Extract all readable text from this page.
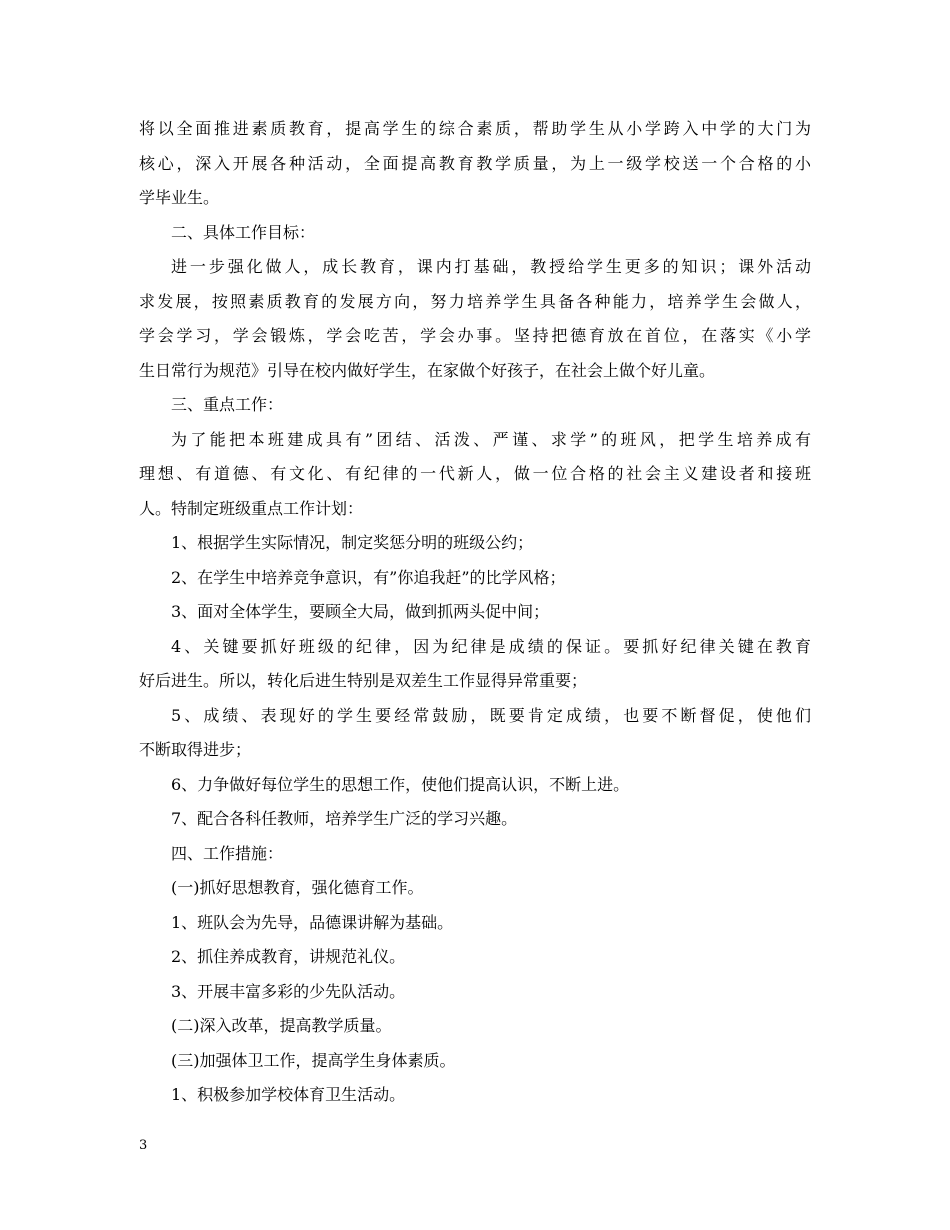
将以全面推进素质教育，提高学生的综合素质，帮助学生从小学跨入中学的大门为
核心，深入开展各种活动，全面提高教育教学质量，为上一级学校送一个合格的小
学毕业生。
二、具体工作目标：
进一步强化做人，成长教育，课内打基础，教授给学生更多的知识；课外活动
求发展，按照素质教育的发展方向，努力培养学生具备各种能力，培养学生会做人，
学会学习，学会锻炼，学会吃苦，学会办事。坚持把德育放在首位，在落实《小学
生日常行为规范》引导在校内做好学生，在家做个好孩子，在社会上做个好儿童。
三、重点工作：
为了能把本班建成具有”团结、活泼、严谨、求学”的班风，把学生培养成有
理想、有道德、有文化、有纪律的一代新人，做一位合格的社会主义建设者和接班
人。特制定班级重点工作计划：
1、根据学生实际情况，制定奖惩分明的班级公约；
2、在学生中培养竞争意识，有”你追我赶”的比学风格；
3、面对全体学生，要顾全大局，做到抓两头促中间；
4、关键要抓好班级的纪律，因为纪律是成绩的保证。要抓好纪律关键在教育
好后进生。所以，转化后进生特别是双差生工作显得异常重要；
5、成绩、表现好的学生要经常鼓励，既要肯定成绩，也要不断督促，使他们
不断取得进步；
6、力争做好每位学生的思想工作，使他们提高认识，不断上进。
7、配合各科任教师，培养学生广泛的学习兴趣。
四、工作措施：
(一)抓好思想教育，强化德育工作。
1、班队会为先导，品德课讲解为基础。
2、抓住养成教育，讲规范礼仪。
3、开展丰富多彩的少先队活动。
(二)深入改革，提高教学质量。
(三)加强体卫工作，提高学生身体素质。
1、积极参加学校体育卫生活动。
3
